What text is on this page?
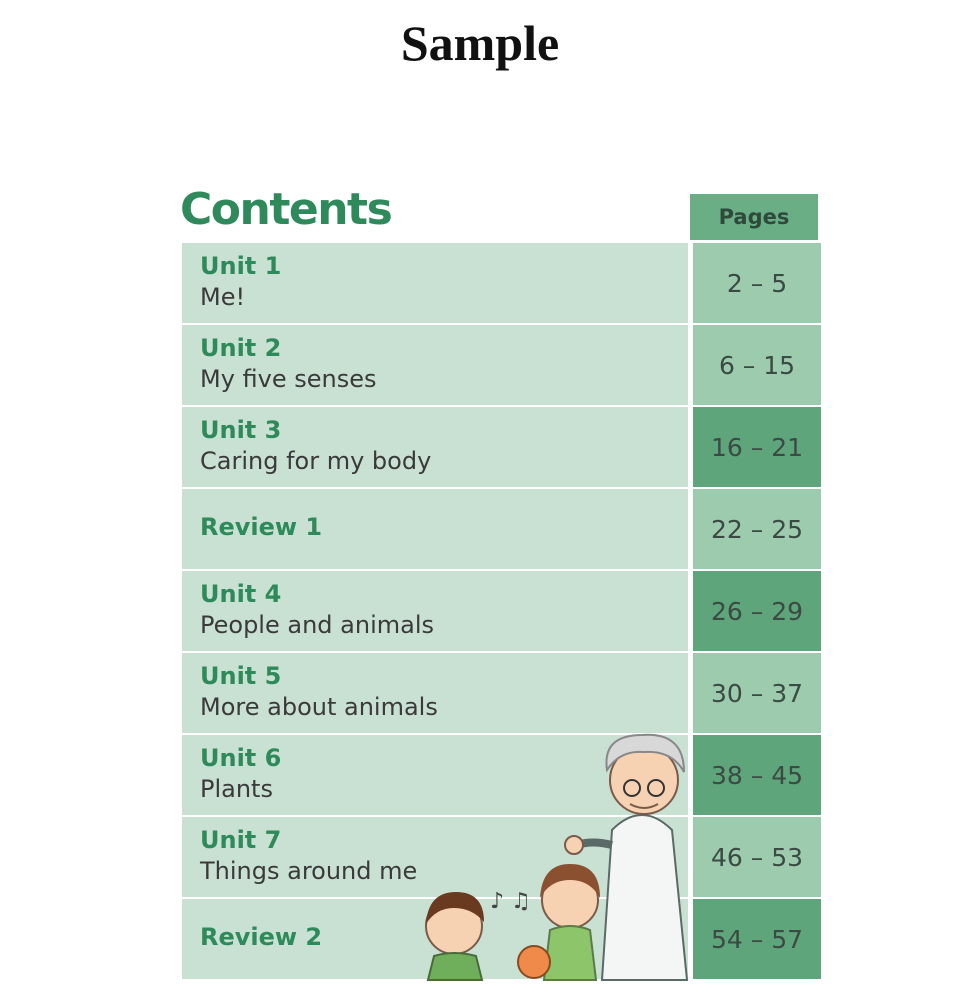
Sample
Contents	Pages
Unit 1
Me!	2 – 5
Unit 2
My five senses	6 – 15
Unit 3
Caring for my body	16 – 21
Review 1	22 – 25
Unit 4
People and animals	26 – 29
Unit 5
More about animals	30 – 37
Unit 6
Plants	38 – 45
Unit 7
Things around me	46 – 53
Review 2	54 – 57
♪ ♫
